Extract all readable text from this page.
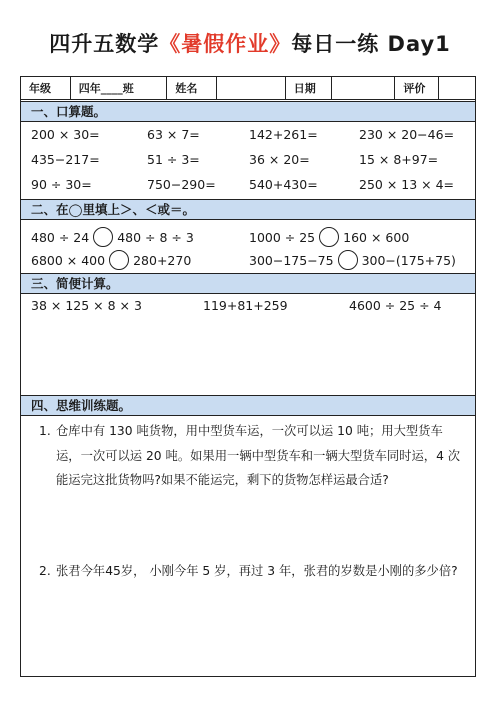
四升五数学《暑假作业》每日一练 Day1
年级	四年____班	姓名	日期	评价
一、口算题。
200 × 30=	63 × 7=	142+261=	230 × 20−46=
435−217=	51 ÷ 3=	36 × 20=	15 × 8+97=
90 ÷ 30=	750−290=	540+430=	250 × 13 × 4=
二、在◯里填上＞、＜或＝。
480 ÷ 24 480 ÷ 8 ÷ 3	1000 ÷ 25 160 × 600
6800 × 400 280+270	300−175−75 300−(175+75)
三、简便计算。
38 × 125 × 8 × 3	119+81+259	4600 ÷ 25 ÷ 4
四、思维训练题。
1. 仓库中有 130 吨货物，用中型货车运，一次可以运 10 吨；用大型货车运，一次可以运 20 吨。如果用一辆中型货车和一辆大型货车同时运，4 次能运完这批货物吗?如果不能运完，剩下的货物怎样运最合适?
2. 张君今年45岁， 小刚今年 5 岁，再过 3 年，张君的岁数是小刚的多少倍?
